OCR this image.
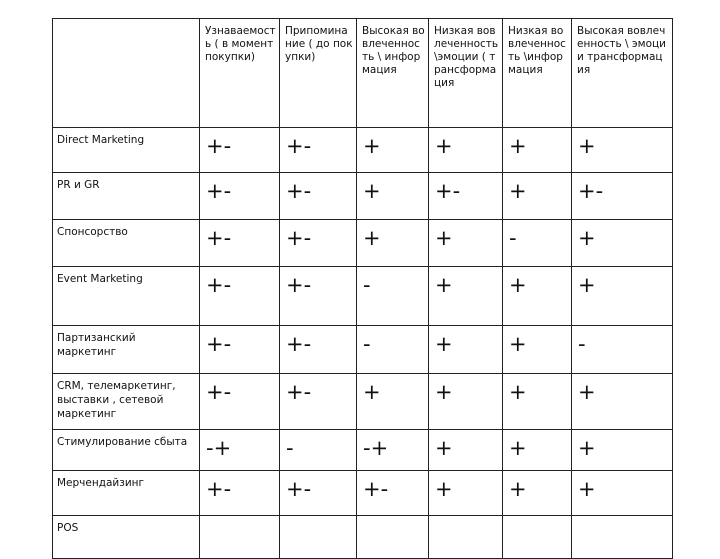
	Узнаваемость ( в момент покупки)	Припоминание ( до покупки)	Высокая вовлеченность \ информация	Низкая вовлеченность\эмоции ( трансформация	Низкая вовлеченность \информация	Высокая вовлеченность \ эмоции трансформация
Direct Marketing	+-	+-	+	+	+	+
PR и GR	+-	+-	+	+-	+	+-
Спонсорство	+-	+-	+	+	-	+
Event Marketing	+-	+-	-	+	+	+
Партизанский маркетинг	+-	+-	-	+	+	-
CRM, телемаркетинг, выставки , сетевой маркетинг	+-	+-	+	+	+	+
Стимулирование сбыта	-+	-	-+	+	+	+
Мерчендайзинг	+-	+-	+-	+	+	+
POS						
